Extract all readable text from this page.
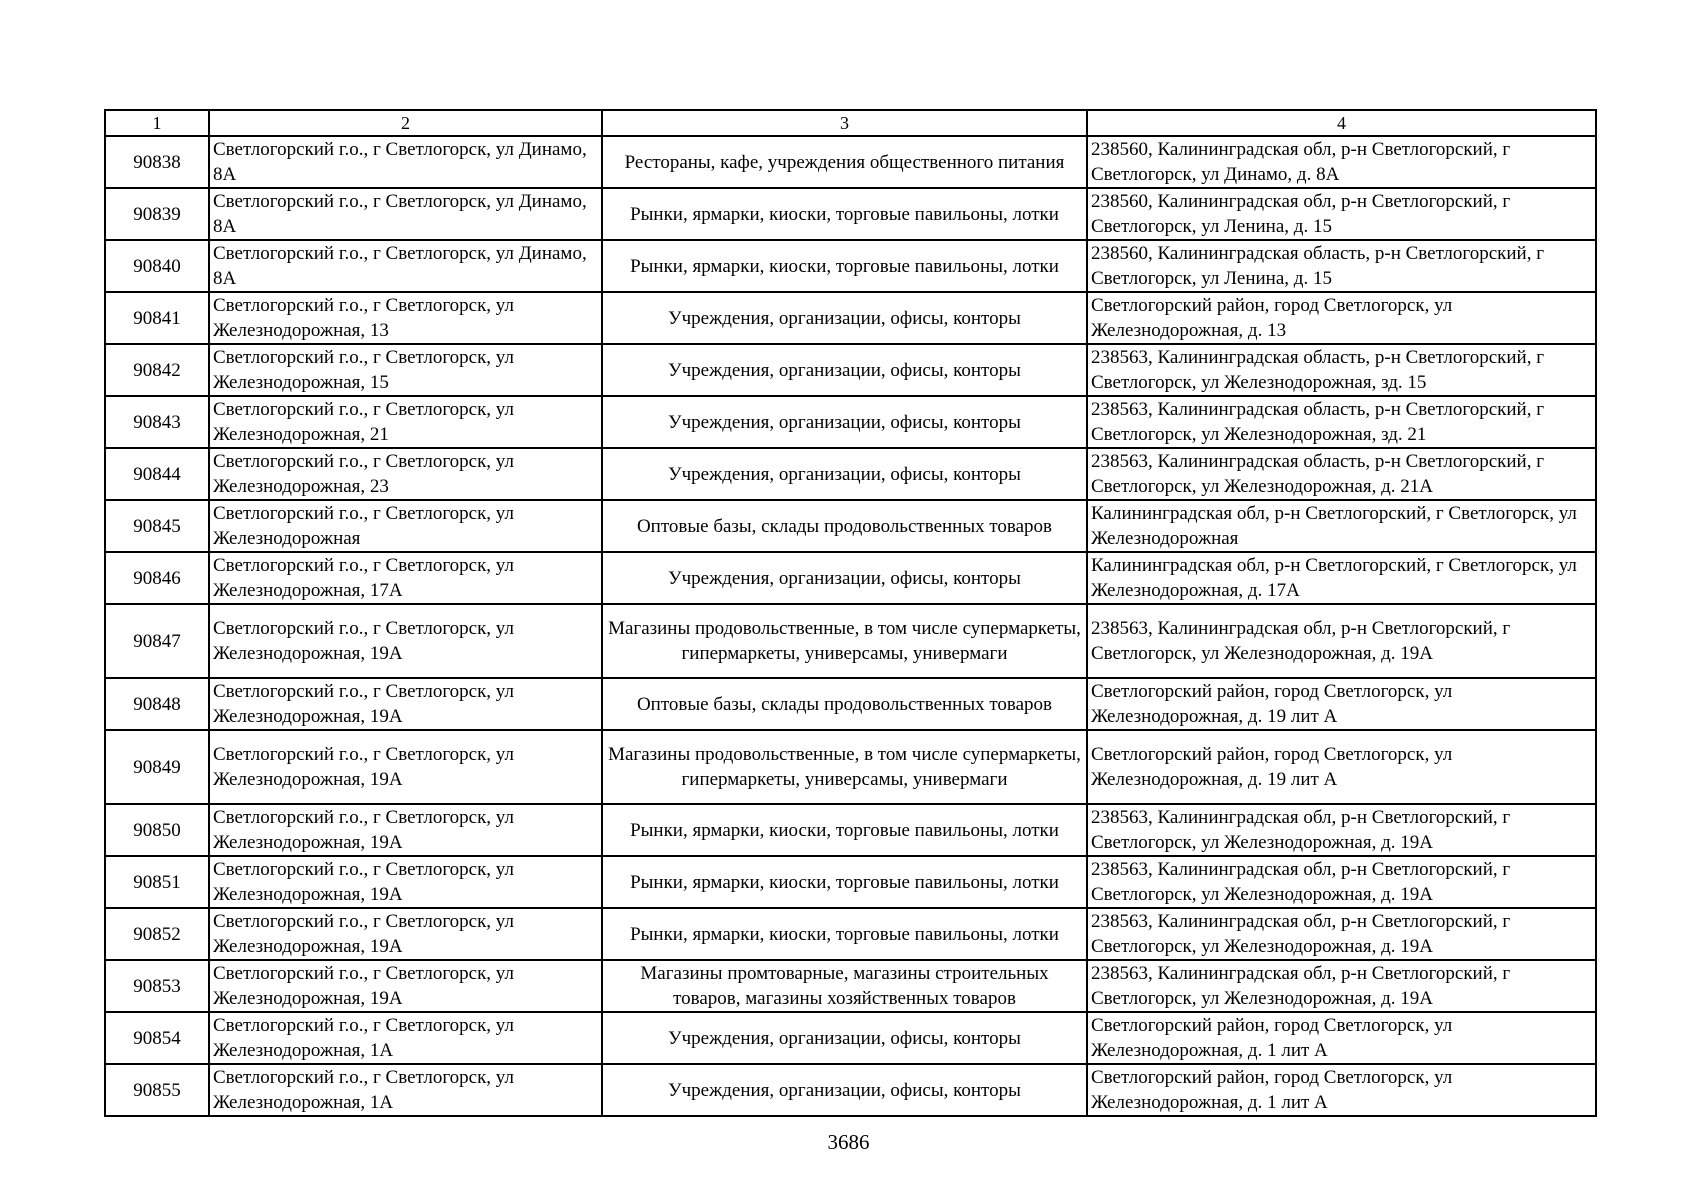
1	2	3	4
90838	Светлогорский г.о., г Светлогорск, ул Динамо, 8А	Рестораны, кафе, учреждения общественного питания	238560, Калининградская обл, р-н Светлогорский, г Светлогорск, ул Динамо, д. 8А
90839	Светлогорский г.о., г Светлогорск, ул Динамо, 8А	Рынки, ярмарки, киоски, торговые павильоны, лотки	238560, Калининградская обл, р-н Светлогорский, г Светлогорск, ул Ленина, д. 15
90840	Светлогорский г.о., г Светлогорск, ул Динамо, 8А	Рынки, ярмарки, киоски, торговые павильоны, лотки	238560, Калининградская область, р-н Светлогорский, г Светлогорск, ул Ленина, д. 15
90841	Светлогорский г.о., г Светлогорск, ул Железнодорожная, 13	Учреждения, организации, офисы, конторы	Светлогорский район, город Светлогорск, ул Железнодорожная, д. 13
90842	Светлогорский г.о., г Светлогорск, ул Железнодорожная, 15	Учреждения, организации, офисы, конторы	238563, Калининградская область, р-н Светлогорский, г Светлогорск, ул Железнодорожная, зд. 15
90843	Светлогорский г.о., г Светлогорск, ул Железнодорожная, 21	Учреждения, организации, офисы, конторы	238563, Калининградская область, р-н Светлогорский, г Светлогорск, ул Железнодорожная, зд. 21
90844	Светлогорский г.о., г Светлогорск, ул Железнодорожная, 23	Учреждения, организации, офисы, конторы	238563, Калининградская область, р-н Светлогорский, г Светлогорск, ул Железнодорожная, д. 21А
90845	Светлогорский г.о., г Светлогорск, ул Железнодорожная	Оптовые базы, склады продовольственных товаров	Калининградская обл, р-н Светлогорский, г Светлогорск, ул Железнодорожная
90846	Светлогорский г.о., г Светлогорск, ул Железнодорожная, 17А	Учреждения, организации, офисы, конторы	Калининградская обл, р-н Светлогорский, г Светлогорск, ул Железнодорожная, д. 17А
90847	Светлогорский г.о., г Светлогорск, ул Железнодорожная, 19А	Магазины продовольственные, в том числе супермаркеты, гипермаркеты, универсамы, универмаги	238563, Калининградская обл, р-н Светлогорский, г Светлогорск, ул Железнодорожная, д. 19А
90848	Светлогорский г.о., г Светлогорск, ул Железнодорожная, 19А	Оптовые базы, склады продовольственных товаров	Светлогорский район, город Светлогорск, ул Железнодорожная, д. 19 лит А
90849	Светлогорский г.о., г Светлогорск, ул Железнодорожная, 19А	Магазины продовольственные, в том числе супермаркеты, гипермаркеты, универсамы, универмаги	Светлогорский район, город Светлогорск, ул Железнодорожная, д. 19 лит А
90850	Светлогорский г.о., г Светлогорск, ул Железнодорожная, 19А	Рынки, ярмарки, киоски, торговые павильоны, лотки	238563, Калининградская обл, р-н Светлогорский, г Светлогорск, ул Железнодорожная, д. 19А
90851	Светлогорский г.о., г Светлогорск, ул Железнодорожная, 19А	Рынки, ярмарки, киоски, торговые павильоны, лотки	238563, Калининградская обл, р-н Светлогорский, г Светлогорск, ул Железнодорожная, д. 19А
90852	Светлогорский г.о., г Светлогорск, ул Железнодорожная, 19А	Рынки, ярмарки, киоски, торговые павильоны, лотки	238563, Калининградская обл, р-н Светлогорский, г Светлогорск, ул Железнодорожная, д. 19А
90853	Светлогорский г.о., г Светлогорск, ул Железнодорожная, 19А	Магазины промтоварные, магазины строительных товаров, магазины хозяйственных товаров	238563, Калининградская обл, р-н Светлогорский, г Светлогорск, ул Железнодорожная, д. 19А
90854	Светлогорский г.о., г Светлогорск, ул Железнодорожная, 1А	Учреждения, организации, офисы, конторы	Светлогорский район, город Светлогорск, ул Железнодорожная, д. 1 лит А
90855	Светлогорский г.о., г Светлогорск, ул Железнодорожная, 1А	Учреждения, организации, офисы, конторы	Светлогорский район, город Светлогорск, ул Железнодорожная, д. 1 лит А
3686
